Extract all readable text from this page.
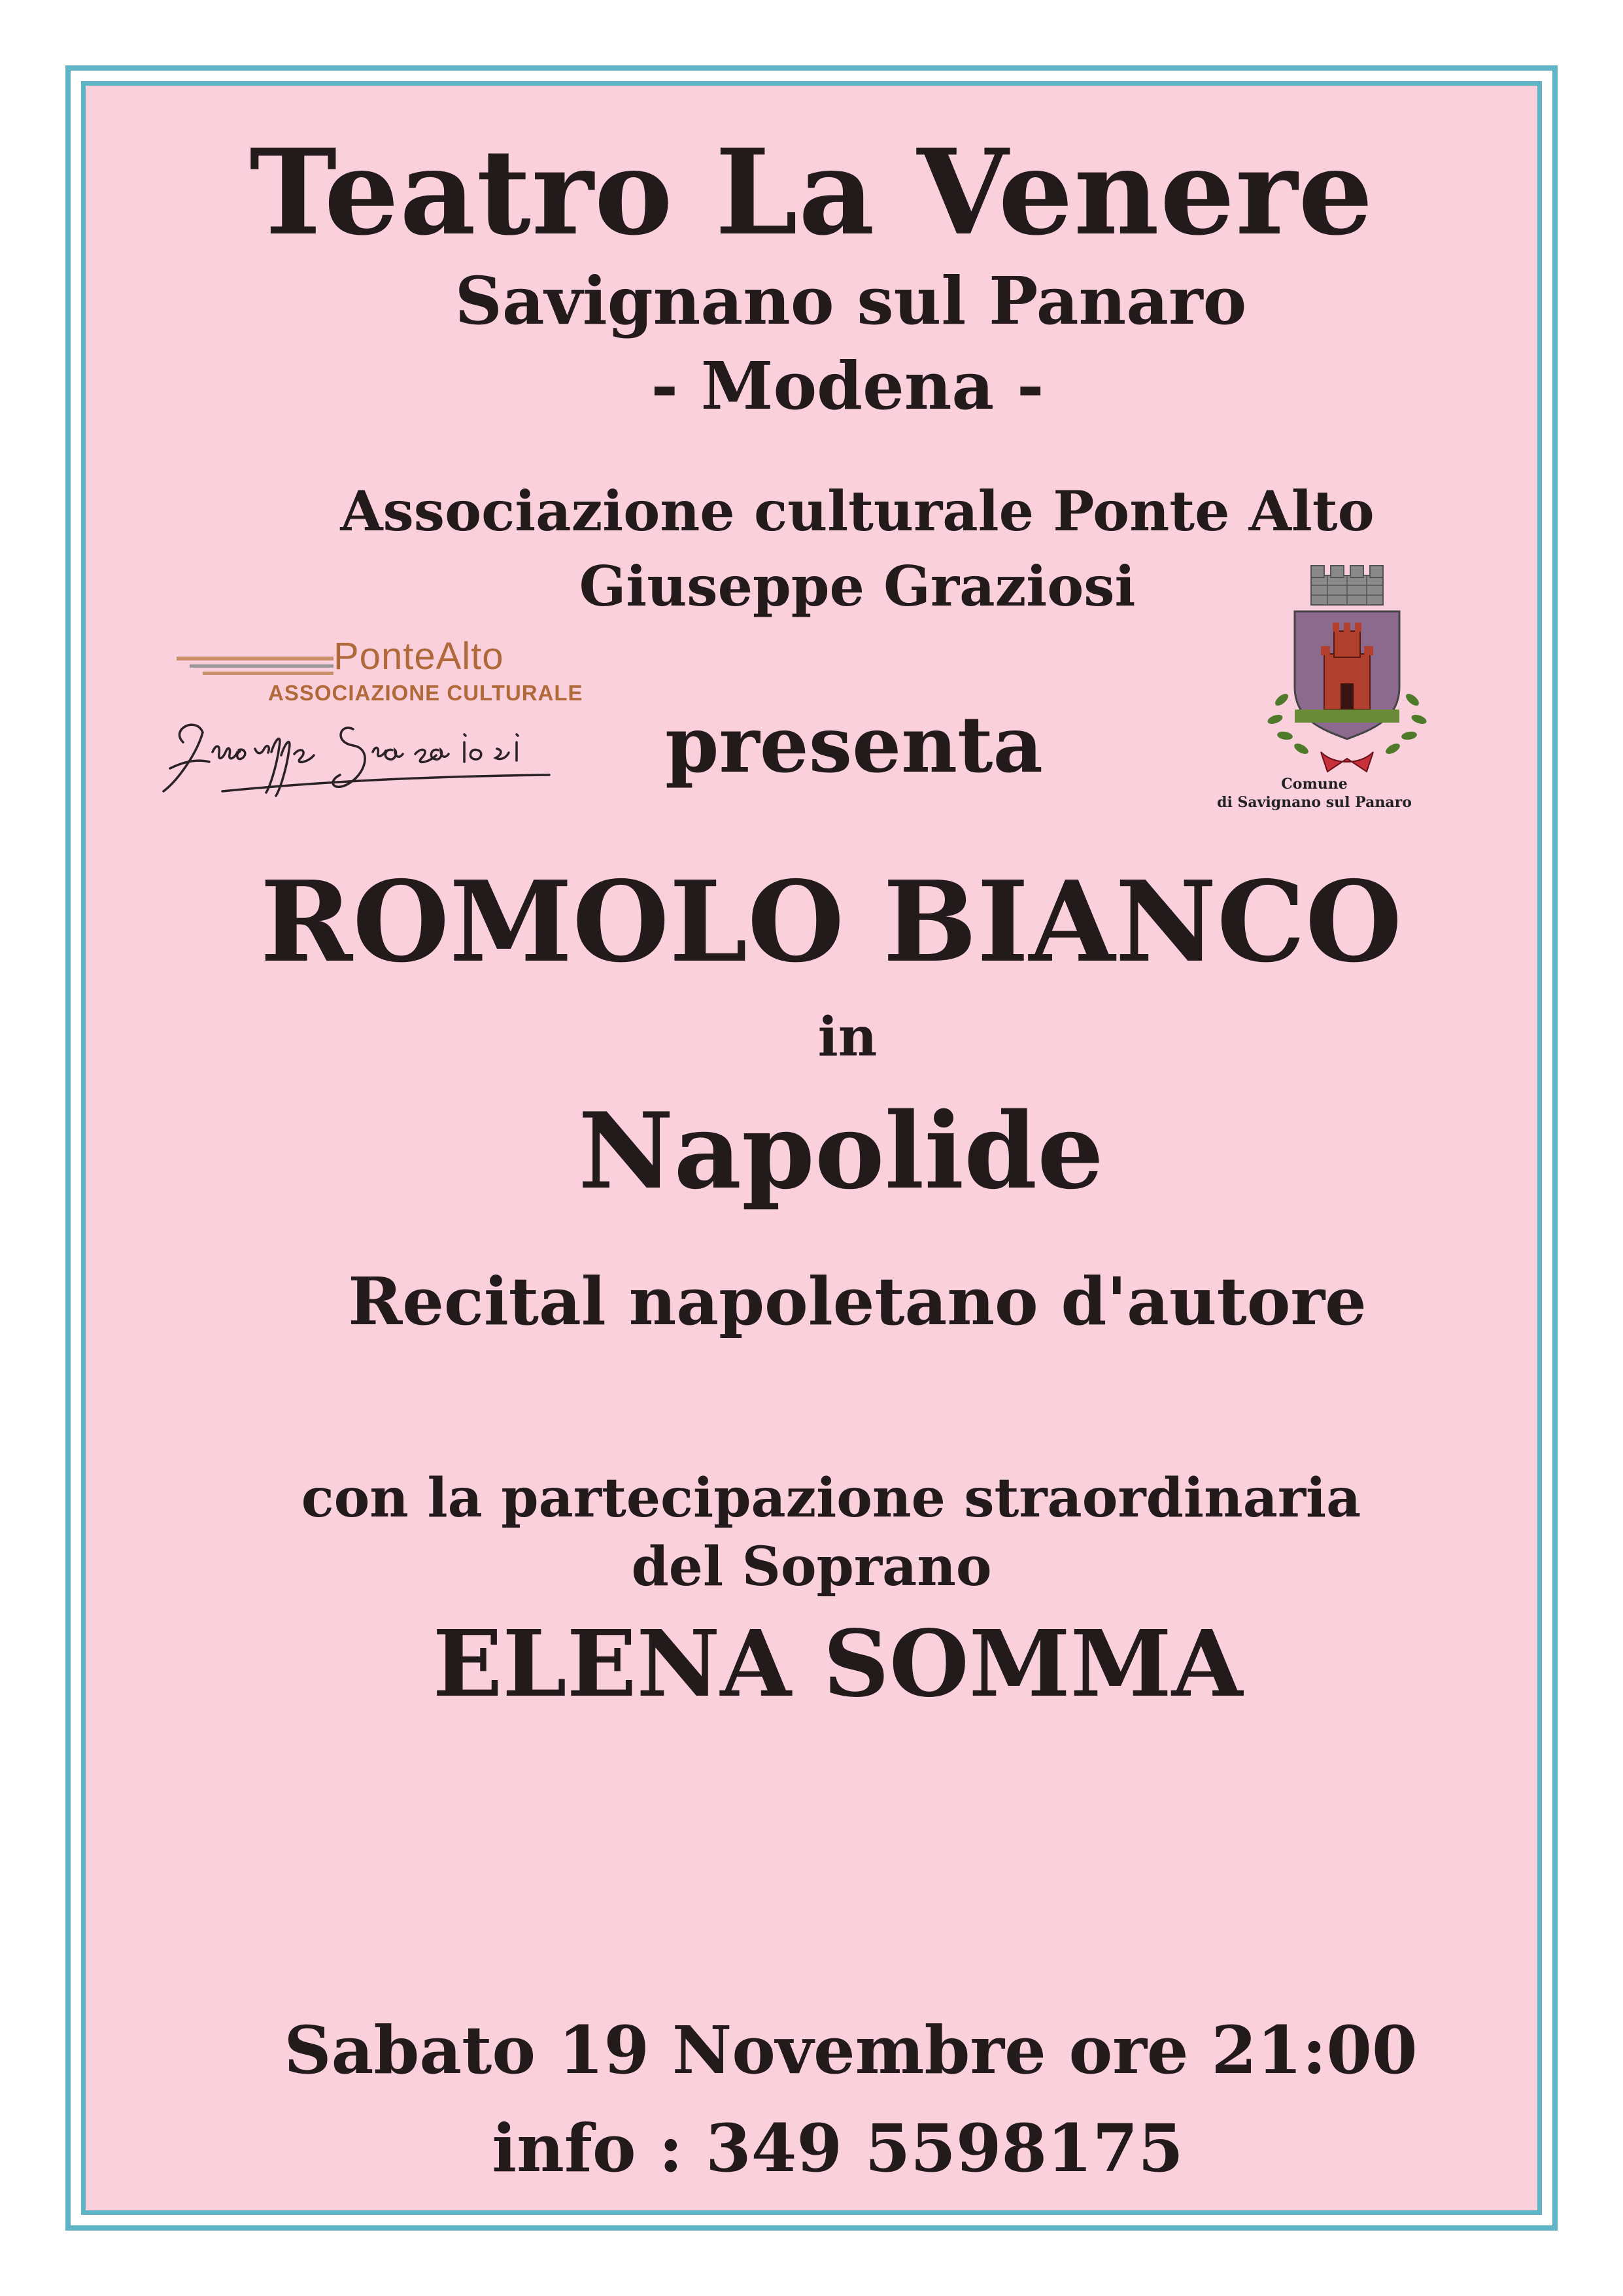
Teatro La Venere
Savignano sul Panaro
- Modena -
Associazione culturale Ponte Alto
Giuseppe Graziosi
PonteAlto
ASSOCIAZIONE CULTURALE
presenta	Comune
di Savignano sul Panaro
ROMOLO BIANCO
in
Napolide
Recital napoletano d'autore
con la partecipazione straordinaria
del Soprano
ELENA SOMMA
Sabato 19 Novembre ore 21:00
info : 349 5598175
